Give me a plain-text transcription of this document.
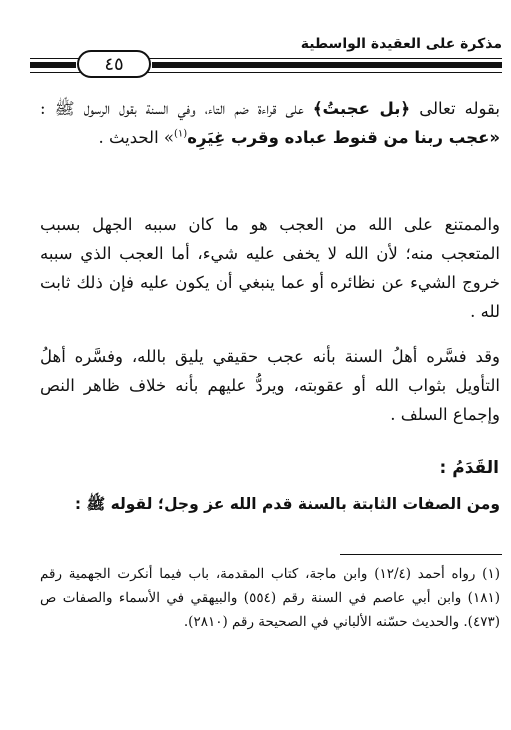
مذكرة على العقيدة الواسطية
٤٥
بقوله تعالى ﴿بل عجبتُ﴾ على قراءة ضم التاء، وفي السنة بقول الرسول ﷺ : «عجب ربنا من قنوط عباده وقرب غِيَرِه$^{(١)}$» الحديث .
والممتنع على الله من العجب هو ما كان سببه الجهل بسبب المتعجب منه؛ لأن الله لا يخفى عليه شيء، أما العجب الذي سببه خروج الشيء عن نظائره أو عما ينبغي أن يكون عليه فإن ذلك ثابت لله .
وقد فسَّره أهلُ السنة بأنه عجب حقيقي يليق بالله، وفسَّره أهلُ التأويل بثواب الله أو عقوبته، ويردُّ عليهم بأنه خلاف ظاهر النص وإجماع السلف .
القَدَمُ :
ومن الصفات الثابتة بالسنة قدم الله عز وجل؛ لقوله ﷺ :
(١) رواه أحمد (١٢/٤) وابن ماجة، كتاب المقدمة، باب فيما أنكرت الجهمية رقم (١٨١) وابن أبي عاصم في السنة رقم (٥٥٤) والبيهقي في الأسماء والصفات ص (٤٧٣). والحديث حسّنه الألباني في الصحيحة رقم (٢٨١٠).
